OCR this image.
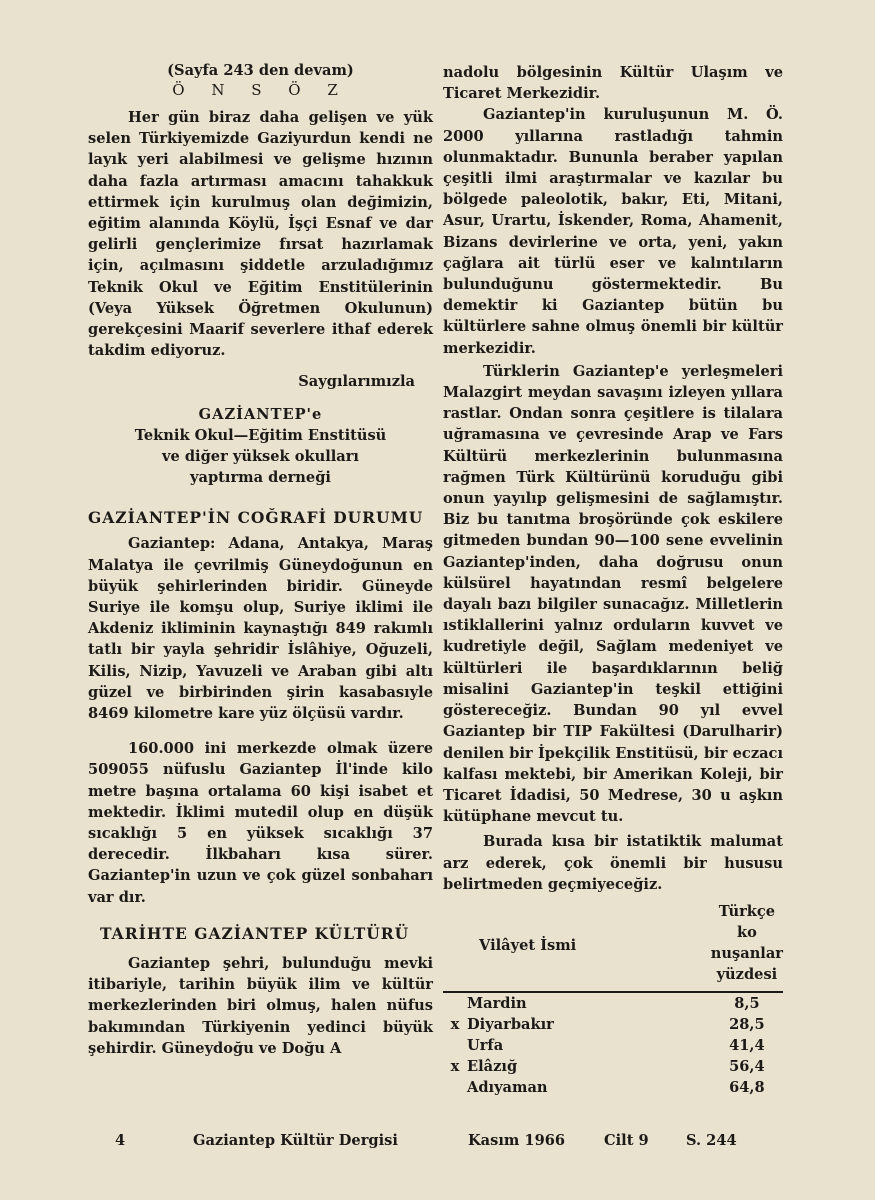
(Sayfa 243 den devam)

Ö N S Ö Z

Her gün biraz daha gelişen ve yük selen Türkiyemizde Gaziyurdun kendi ne layık yeri alabilmesi ve gelişme hızının daha fazla artırması amacını tahakkuk ettirmek için kurulmuş olan değimizin, eğitim alanında Köylü, İşçi Esnaf ve dar gelirli gençlerimize fırsat hazırlamak için, açılmasını şiddetle arzuladığımız Teknik Okul ve Eğitim Enstitülerinin (Veya Yüksek Öğretmen Okulunun) gerekçesini Maarif severlere ithaf ederek takdim ediyoruz.

Saygılarımızla

GAZİANTEP'e
Teknik Okul—Eğitim Enstitüsü
ve diğer yüksek okulları
yaptırma derneği

GAZİANTEP'İN COĞRAFİ DURUMU

Gaziantep: Adana, Antakya, Maraş Malatya ile çevrilmiş Güneydoğunun en büyük şehirlerinden biridir. Güneyde Suriye ile komşu olup, Suriye iklimi ile Akdeniz ikliminin kaynaştığı 849 rakımlı tatlı bir yayla şehridir İslâhiye, Oğuzeli, Kilis, Nizip, Yavuzeli ve Araban gibi altı güzel ve birbirinden şirin kasabasıyle 8469 kilometre kare yüz ölçüsü vardır.

160.000 ini merkezde olmak üzere 509055 nüfuslu Gaziantep İl'inde kilo metre başına ortalama 60 kişi isabet et mektedir. İklimi mutedil olup en düşük sıcaklığı 5 en yüksek sıcaklığı 37 derecedir. İlkbaharı kısa sürer. Gaziantep'in uzun ve çok güzel sonbaharı var dır.

TARİHTE GAZİANTEP KÜLTÜRÜ

Gaziantep şehri, bulunduğu mevki itibariyle, tarihin büyük ilim ve kültür merkezlerinden biri olmuş, halen nüfus bakımından Türkiyenin yedinci büyük şehirdir. Güneydoğu ve Doğu A

nadolu bölgesinin Kültür Ulaşım ve Ticaret Merkezidir.

Gaziantep'in kuruluşunun M. Ö. 2000 yıllarına rastladığı tahmin olunmaktadır. Bununla beraber yapılan çeşitli ilmi araştırmalar ve kazılar bu bölgede paleolotik, bakır, Eti, Mitani, Asur, Urartu, İskender, Roma, Ahamenit, Bizans devirlerine ve orta, yeni, yakın çağlara ait türlü eser ve kalıntıların bulunduğunu göstermektedir. Bu demektir ki Gaziantep bütün bu kültürlere sahne olmuş önemli bir kültür merkezidir.

Türklerin Gaziantep'e yerleşmeleri Malazgirt meydan savaşını izleyen yıllara rastlar. Ondan sonra çeşitlere is tilalara uğramasına ve çevresinde Arap ve Fars Kültürü merkezlerinin bulunmasına rağmen Türk Kültürünü koruduğu gibi onun yayılıp gelişmesini de sağlamıştır. Biz bu tanıtma broşöründe çok eskilere gitmeden bundan 90—100 sene evvelinin Gaziantep'inden, daha doğrusu onun külsürel hayatından resmî belgelere dayalı bazı bilgiler sunacağız. Milletlerin ıstiklallerini yalnız orduların kuvvet ve kudretiyle değil, Sağlam medeniyet ve kültürleri ile başardıklarının beliğ misalini Gaziantep'in teşkil ettiğini göstereceğiz. Bundan 90 yıl evvel Gaziantep bir TIP Fakültesi (Darulharir) denilen bir İpekçilik Enstitüsü, bir eczacı kalfası mektebi, bir Amerikan Koleji, bir Ticaret İdadisi, 50 Medrese, 30 u aşkın kütüphane mevcut tu.

Burada kısa bir istatiktik malumat arz ederek, çok önemli bir hususu belirtmeden geçmiyeceğiz.

Vilâyet İsmi	Türkçe ko
nuşanlar
yüzdesi

Mardin	8,5
x Diyarbakır	28,5
Urfa	41,4
x Elâzığ	56,4
Adıyaman	64,8
4	Gaziantep Kültür Dergisi	Kasım 1966	Cilt 9	S. 244
